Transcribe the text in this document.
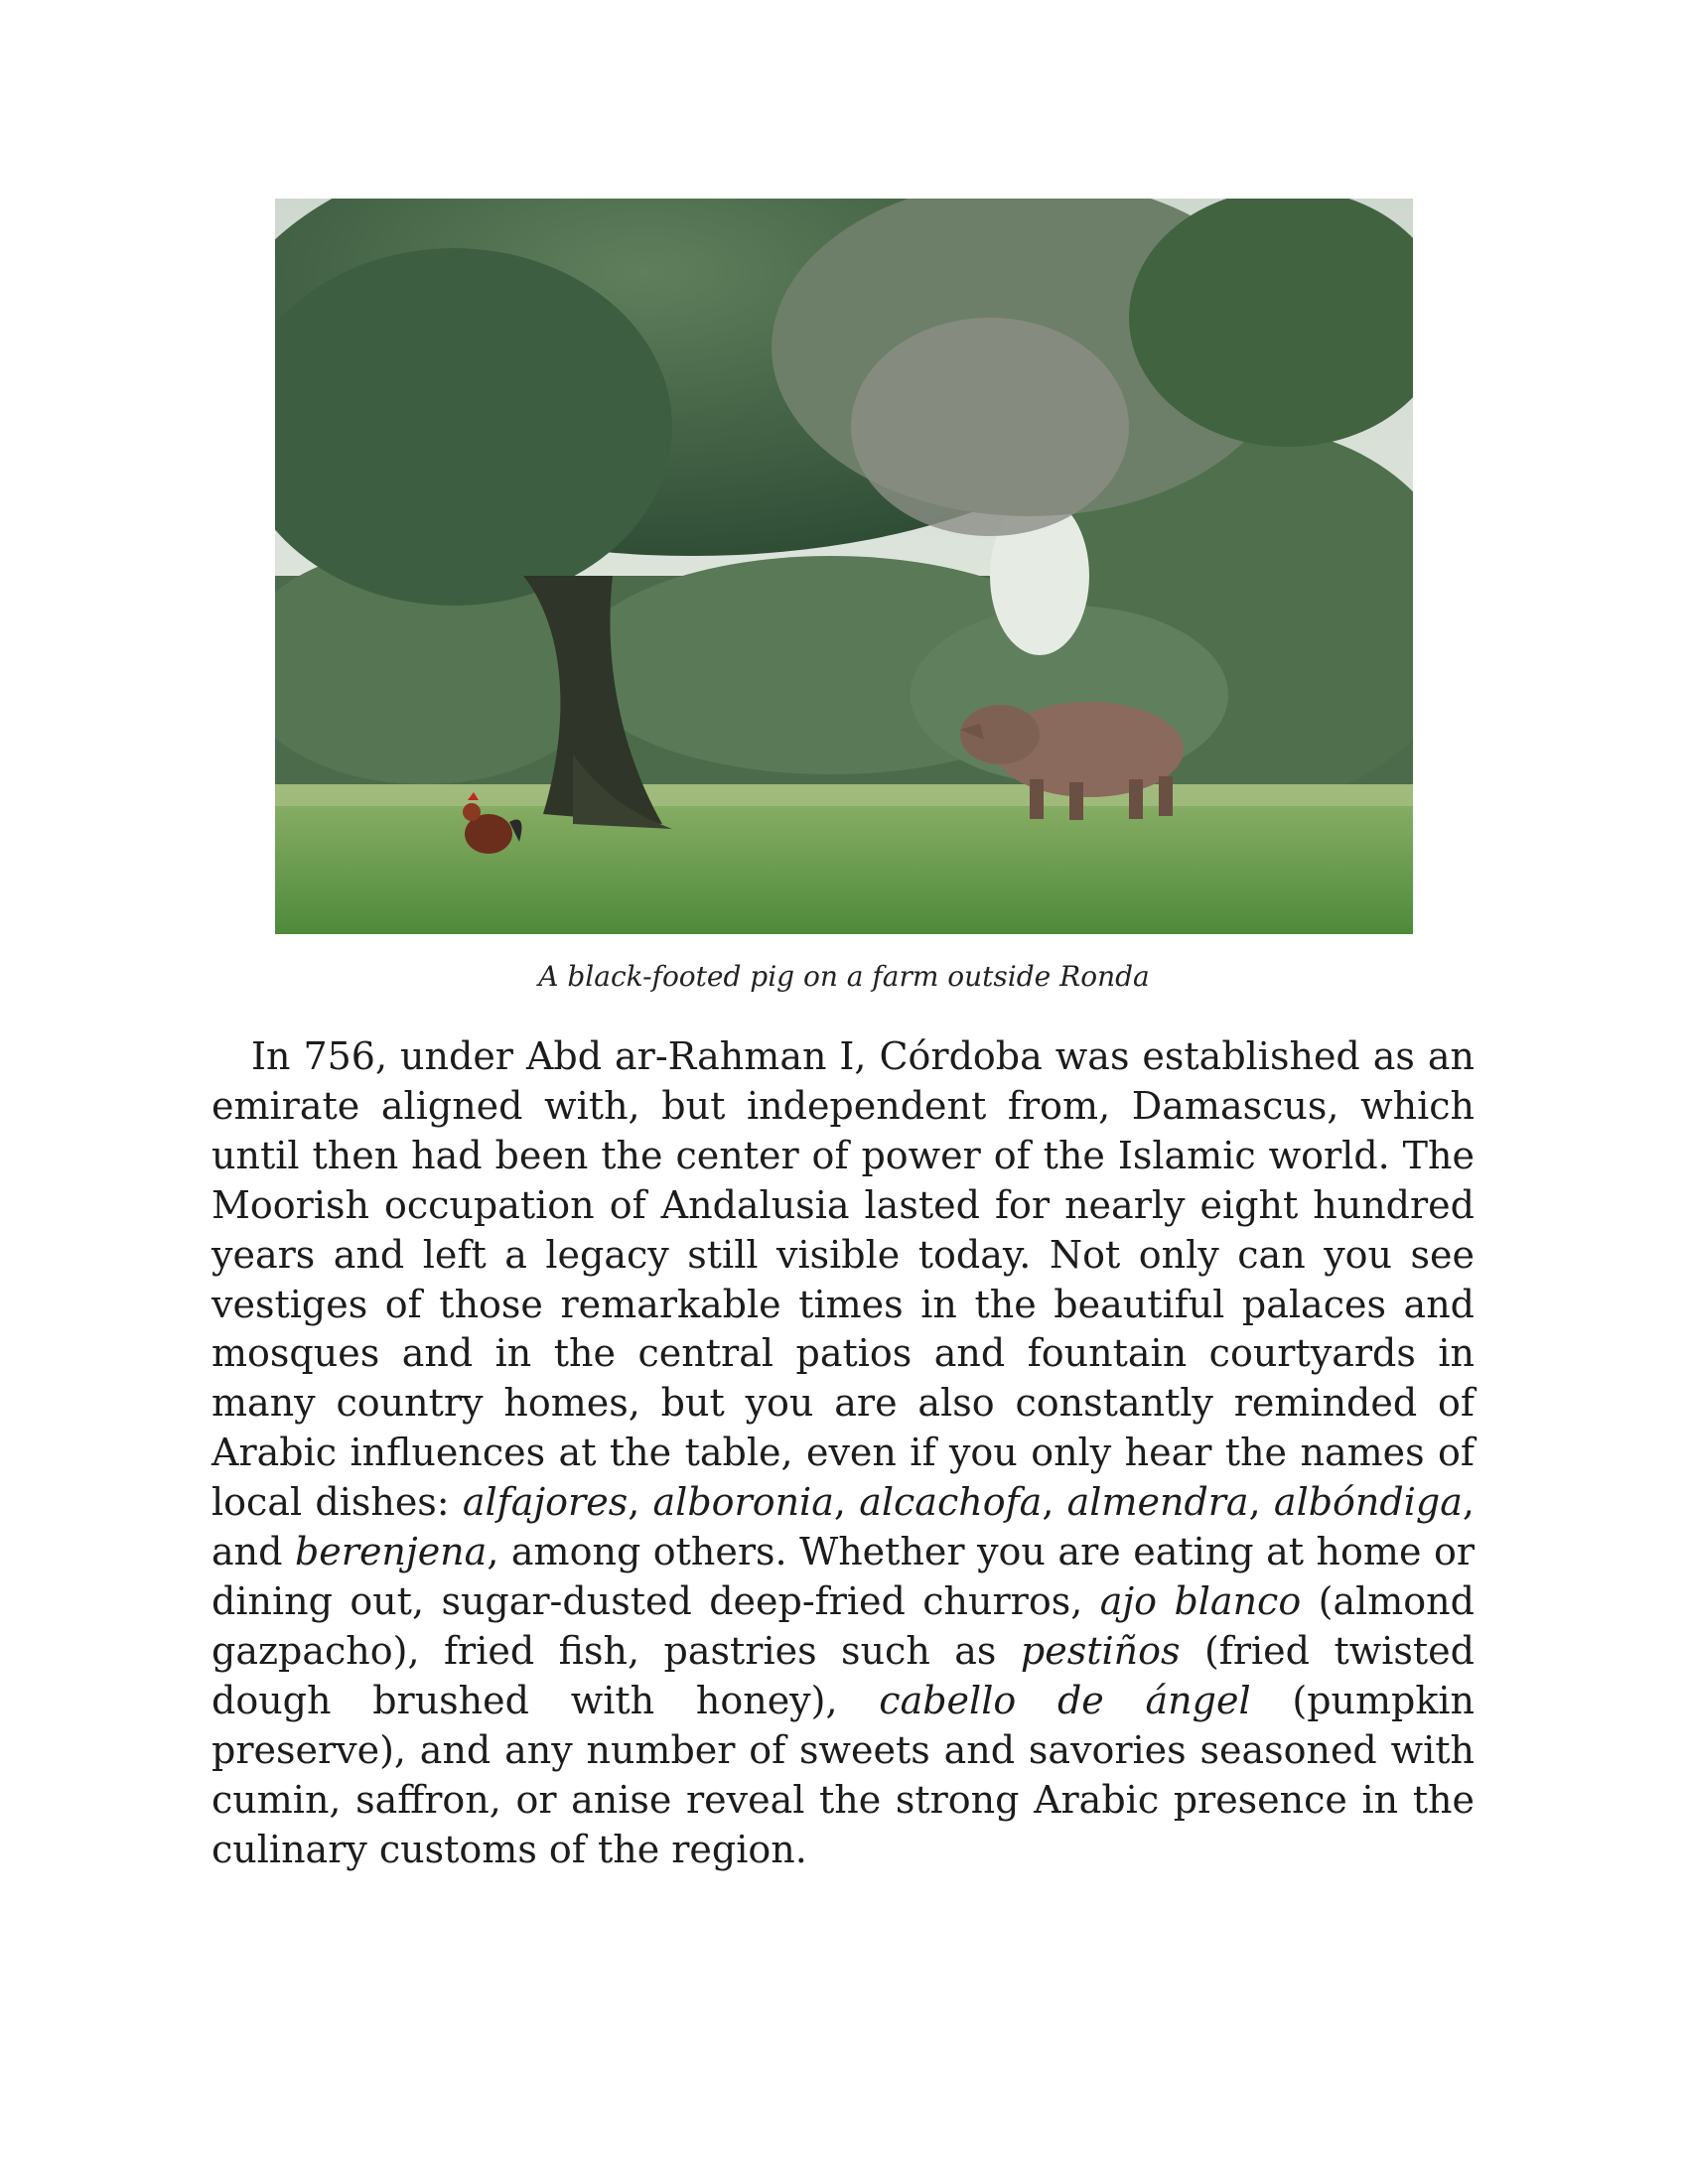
A black-footed pig on a farm outside Ronda

In 756, under Abd ar-Rahman I, Córdoba was established as an emirate aligned with, but independent from, Damascus, which until then had been the center of power of the Islamic world. The Moorish occupation of Andalusia lasted for nearly eight hundred years and left a legacy still visible today. Not only can you see vestiges of those remarkable times in the beautiful palaces and mosques and in the central patios and fountain courtyards in many country homes, but you are also constantly reminded of Arabic influences at the table, even if you only hear the names of local dishes: alfajores, alboronia, alcachofa, almendra, albóndiga, and berenjena, among others. Whether you are eating at home or dining out, sugar-dusted deep-fried churros, ajo blanco (almond gazpacho), fried fish, pastries such as pestiños (fried twisted dough brushed with honey), cabello de ángel (pumpkin preserve), and any number of sweets and savories seasoned with cumin, saffron, or anise reveal the strong Arabic presence in the culinary customs of the region.
